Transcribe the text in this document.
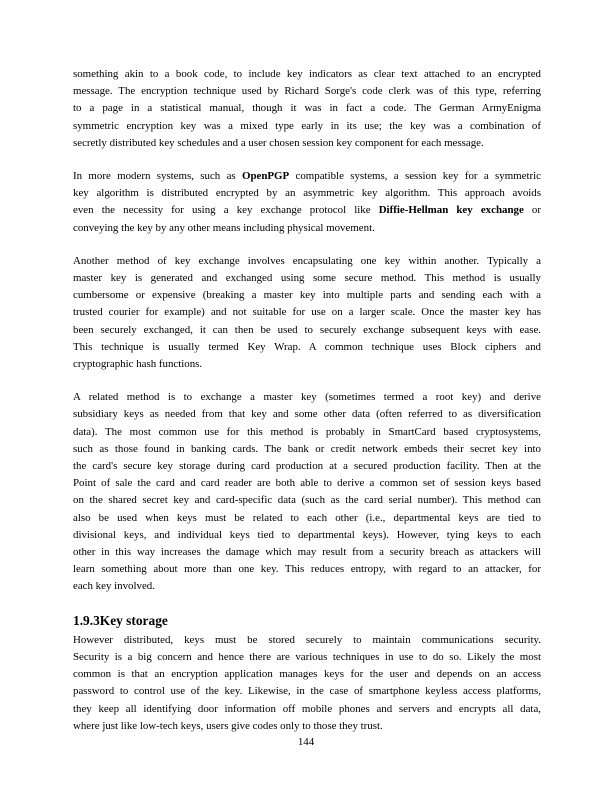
something akin to a book code, to include key indicators as clear text attached to an encrypted
message. The encryption technique used by Richard Sorge's code clerk was of this type, referring
to a page in a statistical manual, though it was in fact a code. The German ArmyEnigma
symmetric encryption key was a mixed type early in its use; the key was a combination of
secretly distributed key schedules and a user chosen session key component for each message.
In more modern systems, such as OpenPGP compatible systems, a session key for a symmetric
key algorithm is distributed encrypted by an asymmetric key algorithm. This approach avoids
even the necessity for using a key exchange protocol like Diffie-Hellman key exchange or
conveying the key by any other means including physical movement.
Another method of key exchange involves encapsulating one key within another. Typically a
master key is generated and exchanged using some secure method. This method is usually
cumbersome or expensive (breaking a master key into multiple parts and sending each with a
trusted courier for example) and not suitable for use on a larger scale. Once the master key has
been securely exchanged, it can then be used to securely exchange subsequent keys with ease.
This technique is usually termed Key Wrap. A common technique uses Block ciphers and
cryptographic hash functions.
A related method is to exchange a master key (sometimes termed a root key) and derive
subsidiary keys as needed from that key and some other data (often referred to as diversification
data). The most common use for this method is probably in SmartCard based cryptosystems,
such as those found in banking cards. The bank or credit network embeds their secret key into
the card's secure key storage during card production at a secured production facility. Then at the
Point of sale the card and card reader are both able to derive a common set of session keys based
on the shared secret key and card-specific data (such as the card serial number). This method can
also be used when keys must be related to each other (i.e., departmental keys are tied to
divisional keys, and individual keys tied to departmental keys). However, tying keys to each
other in this way increases the damage which may result from a security breach as attackers will
learn something about more than one key. This reduces entropy, with regard to an attacker, for
each key involved.
1.9.3Key storage
However distributed, keys must be stored securely to maintain communications security.
Security is a big concern and hence there are various techniques in use to do so. Likely the most
common is that an encryption application manages keys for the user and depends on an access
password to control use of the key. Likewise, in the case of smartphone keyless access platforms,
they keep all identifying door information off mobile phones and servers and encrypts all data,
where just like low-tech keys, users give codes only to those they trust.
144
